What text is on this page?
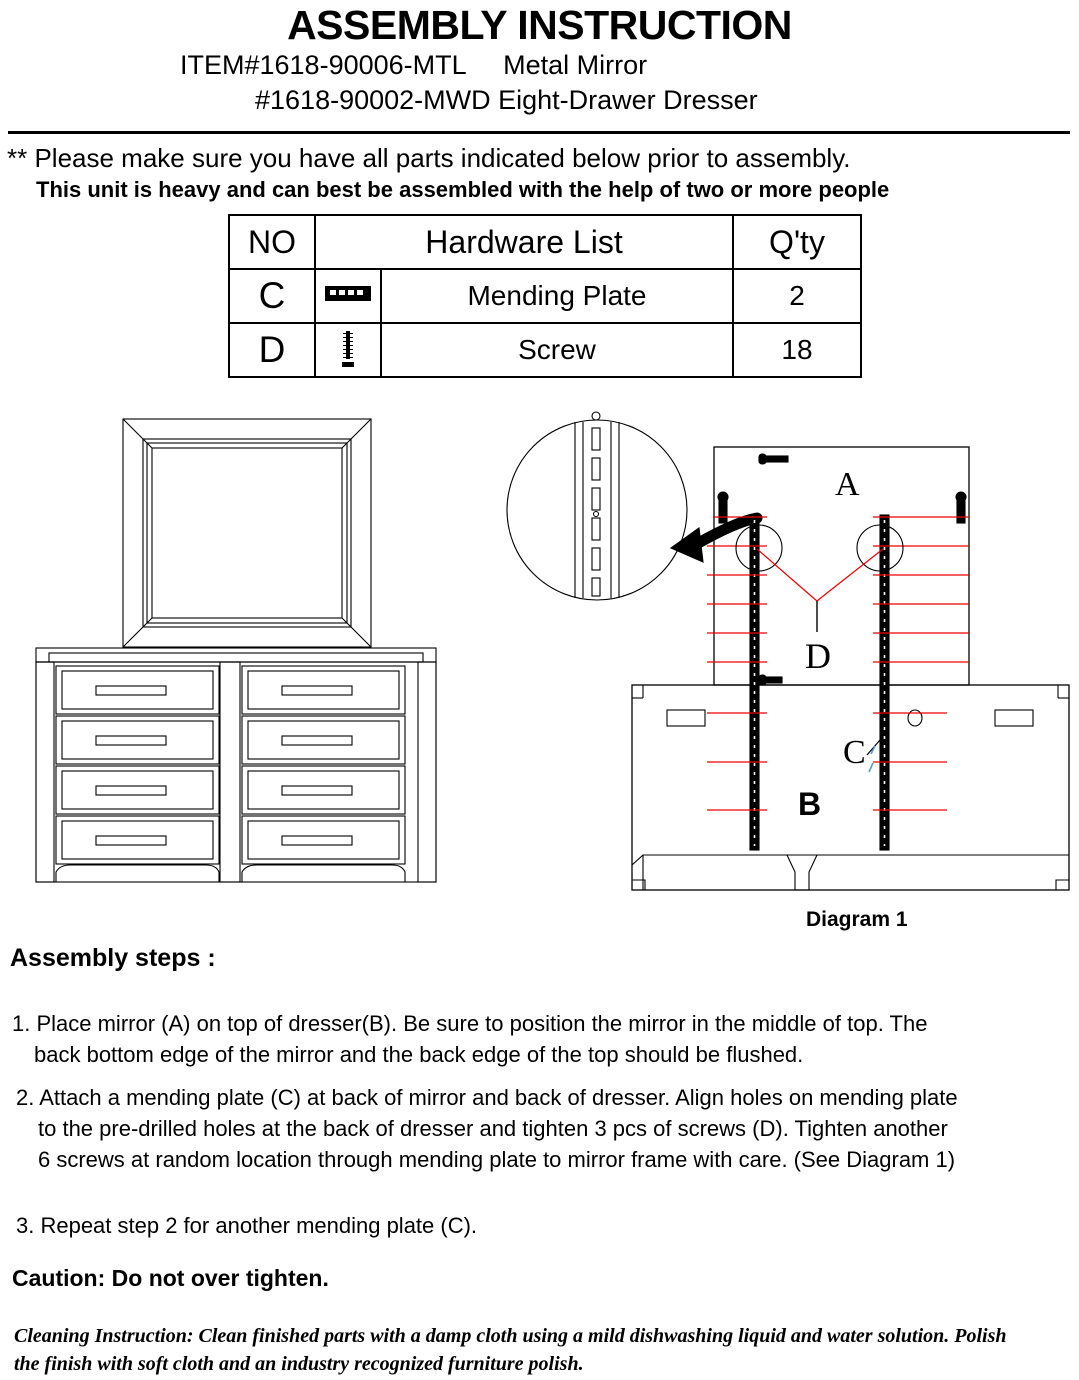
ASSEMBLY INSTRUCTION
ITEM#1618-90006-MTL     Metal Mirror
#1618-90002-MWD Eight-Drawer Dresser
** Please make sure you have all parts indicated below prior to assembly.
This unit is heavy and can best be assembled with the help of two or more people
NO	Hardware List		Q'ty
C		Mending Plate	2
D		Screw	18
A
B
D
C
Diagram 1
Assembly steps :
1. Place mirror (A) on top of dresser(B). Be sure to position the mirror in the middle of top. The
back bottom edge of the mirror and the back edge of the top should be flushed.
2. Attach a mending plate (C) at back of mirror and back of dresser. Align holes on mending plate
to the pre-drilled holes at the back of dresser and tighten 3 pcs of screws (D). Tighten another
6 screws at random location through mending plate to mirror frame with care. (See Diagram 1)
3. Repeat step 2 for another mending plate (C).
Caution: Do not over tighten.
Cleaning Instruction: Clean finished parts with a damp cloth using a mild dishwashing liquid and water solution. Polish the finish with soft cloth and an industry recognized furniture polish.
